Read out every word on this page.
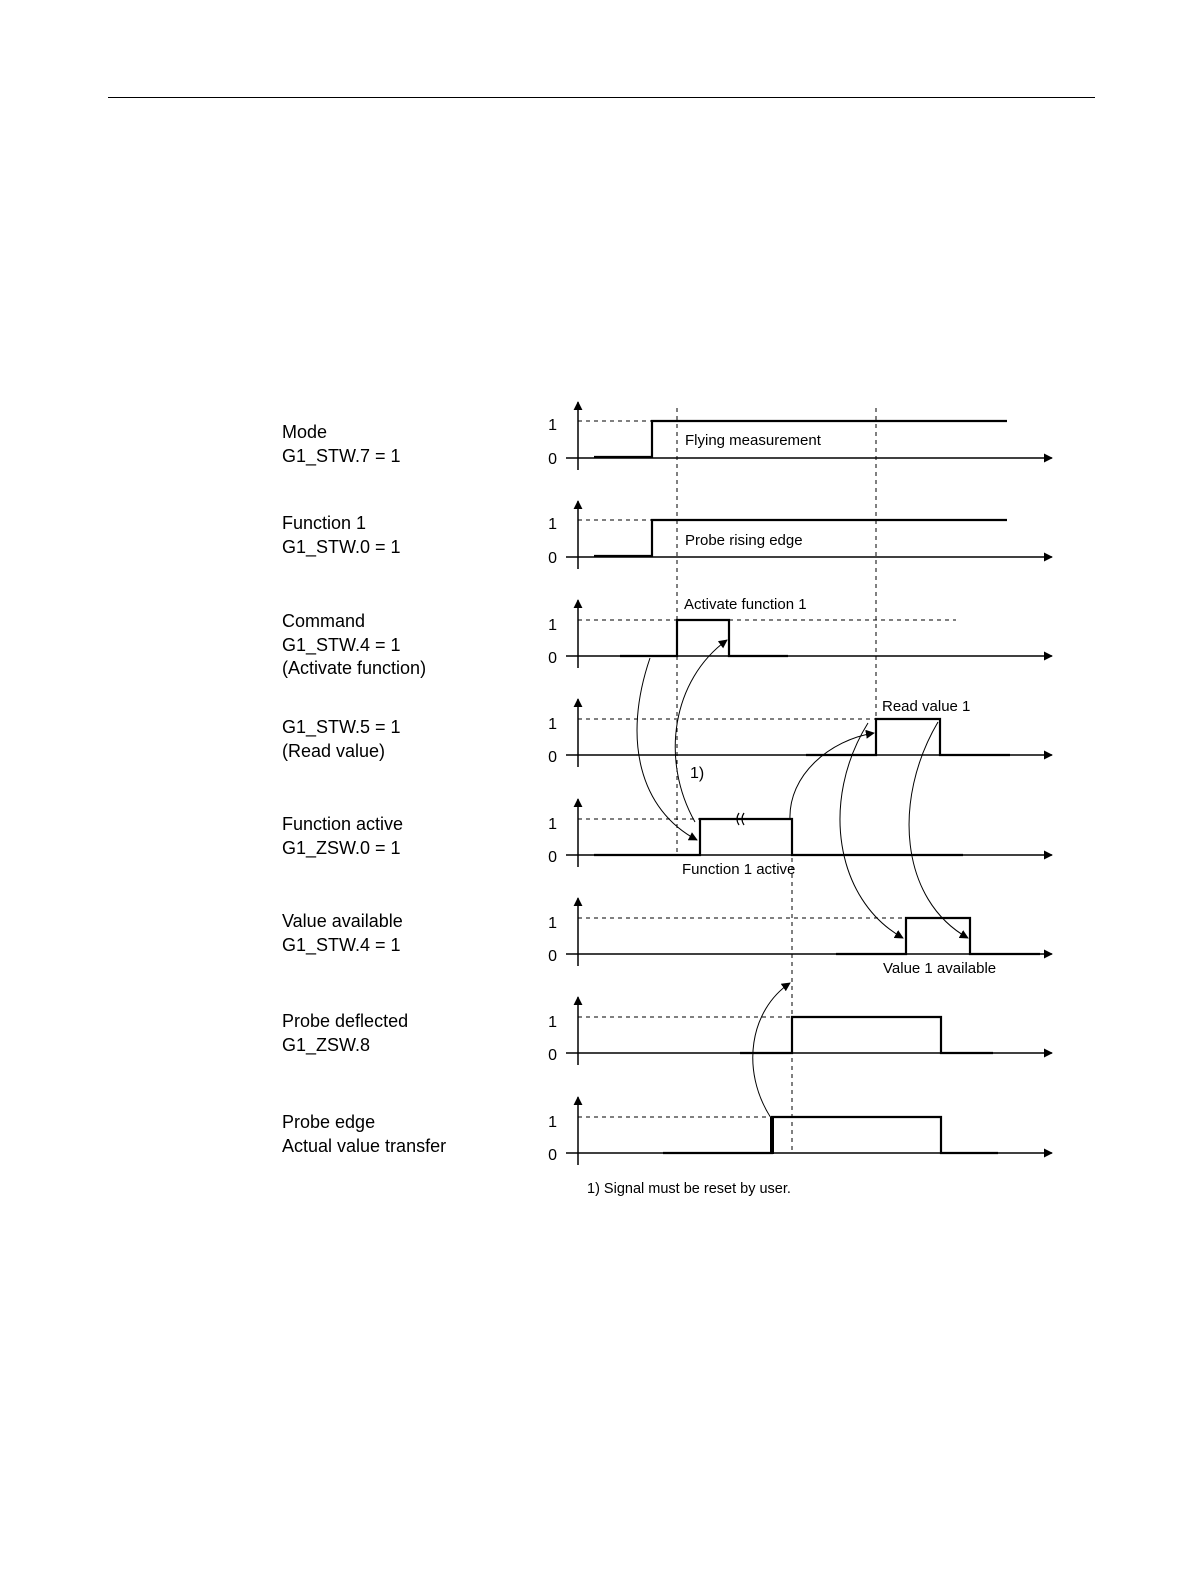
Mode
G1_STW.7 = 1
Function 1
G1_STW.0 = 1
Command
G1_STW.4 = 1
(Activate function)
G1_STW.5 = 1
(Read value)
Function active
G1_ZSW.0 = 1
Value available
G1_STW.4 = 1
Probe deflected
G1_ZSW.8
Probe edge
Actual value transfer
1
0
Flying measurement
1
0
Probe rising edge
1
0
Activate function 1
1
0
Read value 1
1)
1
0
Function 1 active
1
0
Value 1 available
1
0
1
0
1) Signal must be reset by user.
